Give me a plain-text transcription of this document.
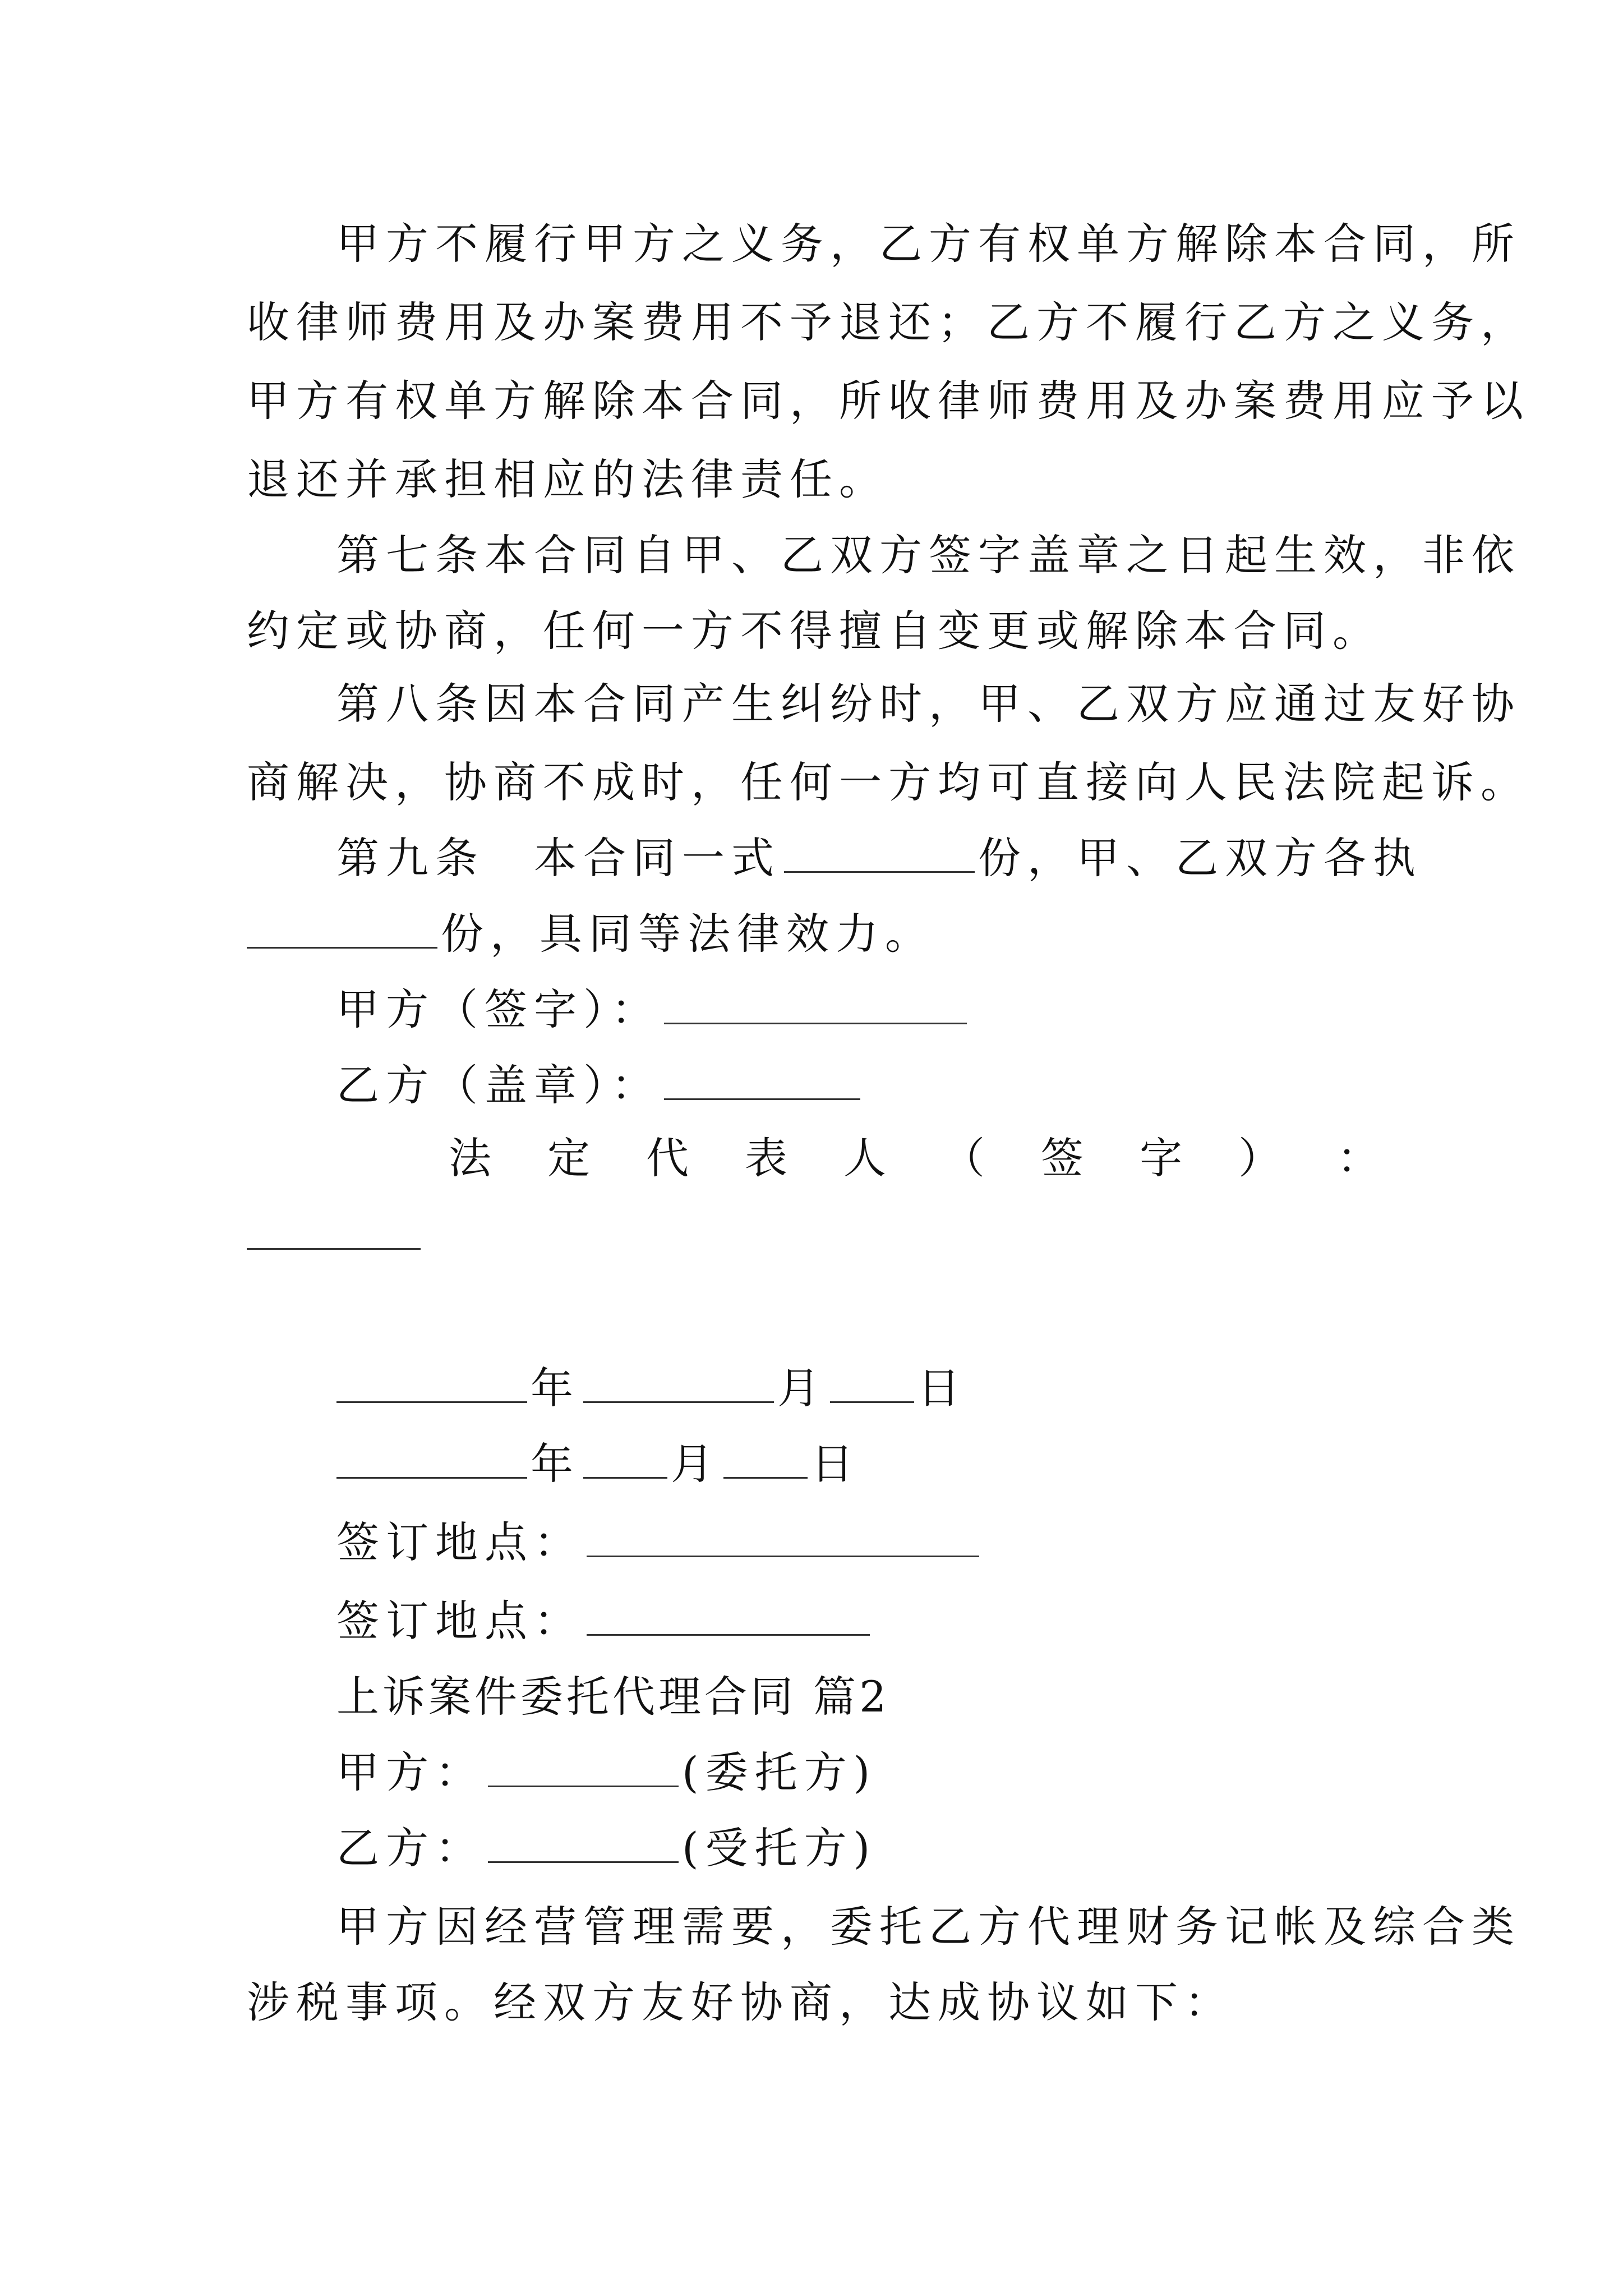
甲方不履行甲方之义务，乙方有权单方解除本合同，所
收律师费用及办案费用不予退还；乙方不履行乙方之义务，
甲方有权单方解除本合同，所收律师费用及办案费用应予以
退还并承担相应的法律责任。
第七条本合同自甲、乙双方签字盖章之日起生效，非依
约定或协商，任何一方不得擅自变更或解除本合同。
第八条因本合同产生纠纷时，甲、乙双方应通过友好协
商解决，协商不成时，任何一方均可直接向人民法院起诉。
第九条　本合同一式	份，甲、乙双方各执
份，具同等法律效力。
甲方（签字）：
乙方（盖章）：
法 定 代 表 人 （ 签 字 ） ：
年	月 日
年 月 日
签订地点：
签订地点：
上诉案件委托代理合同 篇2
甲方：	(委托方)
乙方：	(受托方)
甲方因经营管理需要，委托乙方代理财务记帐及综合类
涉税事项。经双方友好协商，达成协议如下：
